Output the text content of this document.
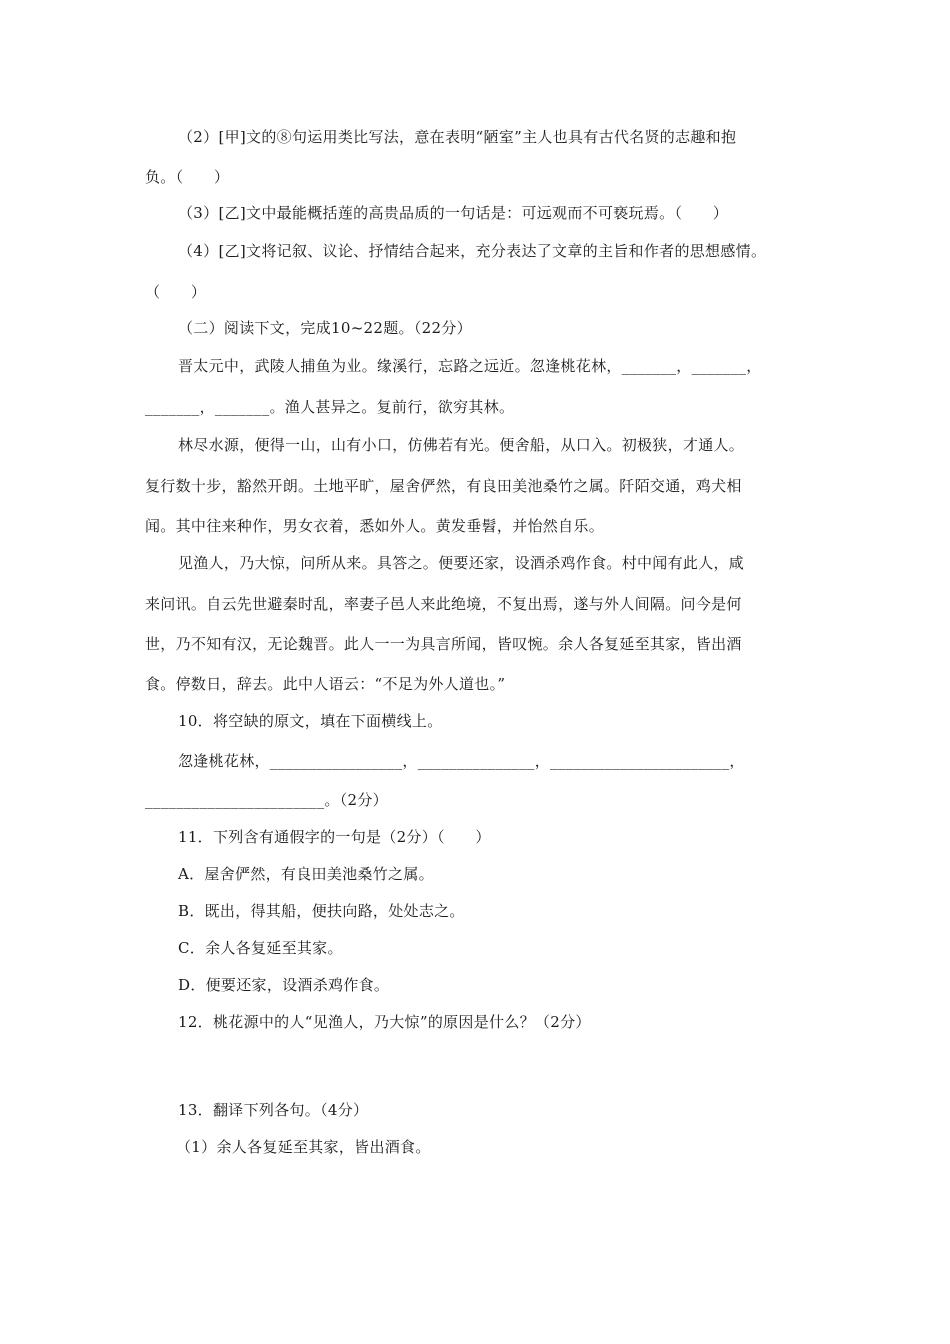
（2）[甲]文的⑧句运用类比写法，意在表明“陋室”主人也具有古代名贤的志趣和抱
负。（　　）
（3）[乙]文中最能概括莲的高贵品质的一句话是：可远观而不可亵玩焉。（　　）
（4）[乙]文将记叙、议论、抒情结合起来，充分表达了文章的主旨和作者的思想感情。
（　　）
（二）阅读下文，完成10~22题。（22分）
晋太元中，武陵人捕鱼为业。缘溪行，忘路之远近。忽逢桃花林，_______，_______，
_______，_______。渔人甚异之。复前行，欲穷其林。
林尽水源，便得一山，山有小口，仿佛若有光。便舍船，从口入。初极狭，才通人。
复行数十步，豁然开朗。土地平旷，屋舍俨然，有良田美池桑竹之属。阡陌交通，鸡犬相
闻。其中往来种作，男女衣着，悉如外人。黄发垂髫，并怡然自乐。
见渔人，乃大惊，问所从来。具答之。便要还家，设酒杀鸡作食。村中闻有此人，咸
来问讯。自云先世避秦时乱，率妻子邑人来此绝境，不复出焉，遂与外人间隔。问今是何
世，乃不知有汉，无论魏晋。此人一一为具言所闻，皆叹惋。余人各复延至其家，皆出酒
食。停数日，辞去。此中人语云：“不足为外人道也。”
10．将空缺的原文，填在下面横线上。
忽逢桃花林，_________________，_______________，_______________________，
_______________________。（2分）
11．下列含有通假字的一句是（2分）（　　）
A．屋舍俨然，有良田美池桑竹之属。
B．既出，得其船，便扶向路，处处志之。
C．余人各复延至其家。
D．便要还家，设酒杀鸡作食。
12．桃花源中的人“见渔人，乃大惊”的原因是什么？（2分）
13．翻译下列各句。（4分）
（1）余人各复延至其家，皆出酒食。
